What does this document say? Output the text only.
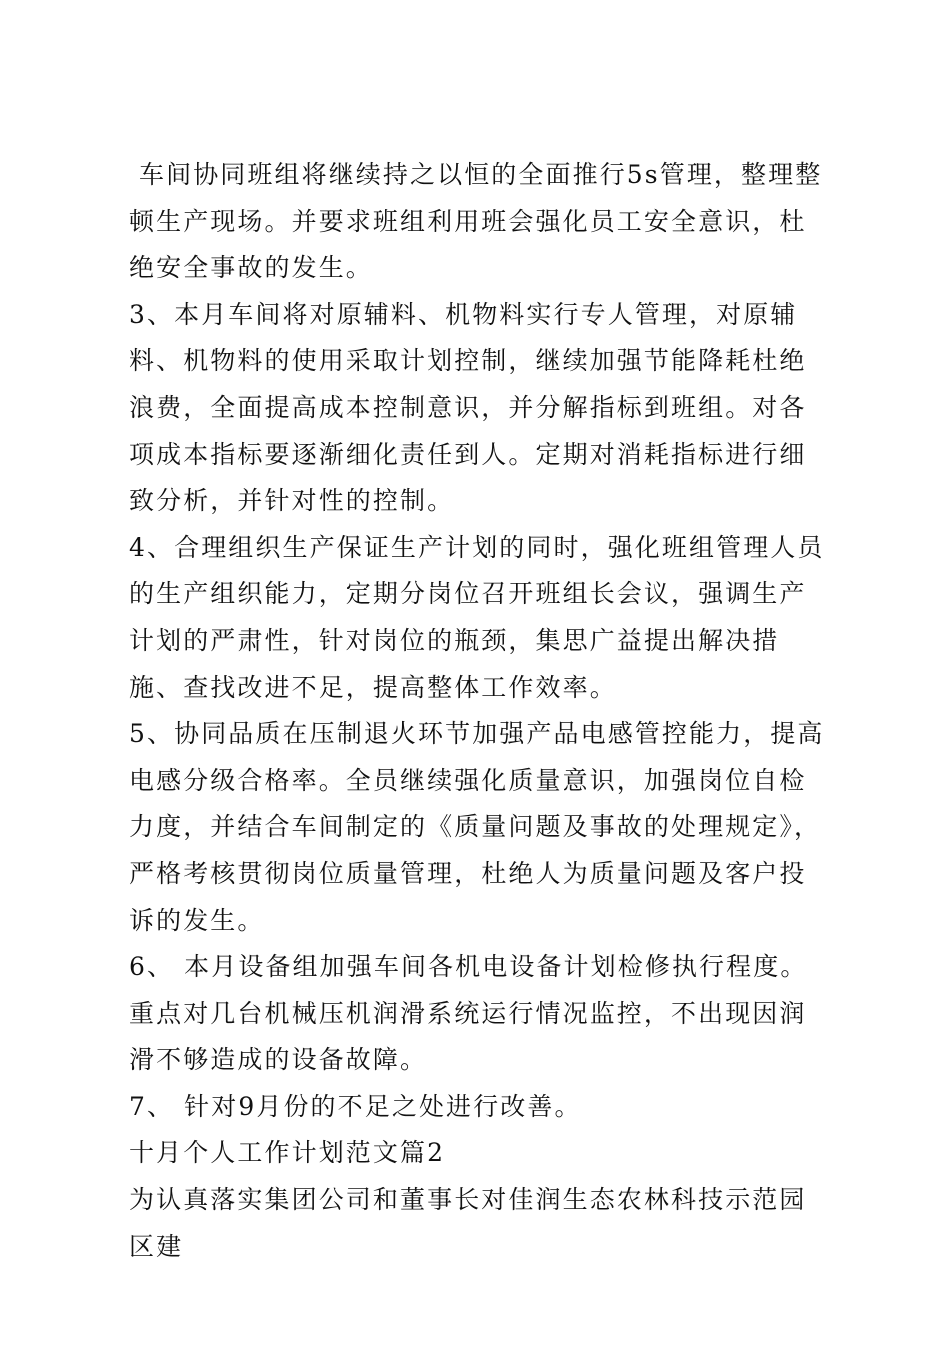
车间协同班组将继续持之以恒的全面推行5s管理，整理整顿生产现场。并要求班组利用班会强化员工安全意识，杜绝安全事故的发生。

3、本月车间将对原辅料、机物料实行专人管理，对原辅料、机物料的使用采取计划控制，继续加强节能降耗杜绝浪费，全面提高成本控制意识，并分解指标到班组。对各项成本指标要逐渐细化责任到人。定期对消耗指标进行细致分析，并针对性的控制。

4、合理组织生产保证生产计划的同时，强化班组管理人员的生产组织能力，定期分岗位召开班组长会议，强调生产计划的严肃性，针对岗位的瓶颈，集思广益提出解决措施、查找改进不足，提高整体工作效率。

5、协同品质在压制退火环节加强产品电感管控能力，提高电感分级合格率。全员继续强化质量意识，加强岗位自检力度，并结合车间制定的《质量问题及事故的处理规定》，严格考核贯彻岗位质量管理，杜绝人为质量问题及客户投诉的发生。

6、 本月设备组加强车间各机电设备计划检修执行程度。重点对几台机械压机润滑系统运行情况监控，不出现因润滑不够造成的设备故障。

7、 针对9月份的不足之处进行改善。

十月个人工作计划范文篇2

为认真落实集团公司和董事长对佳润生态农林科技示范园区建
